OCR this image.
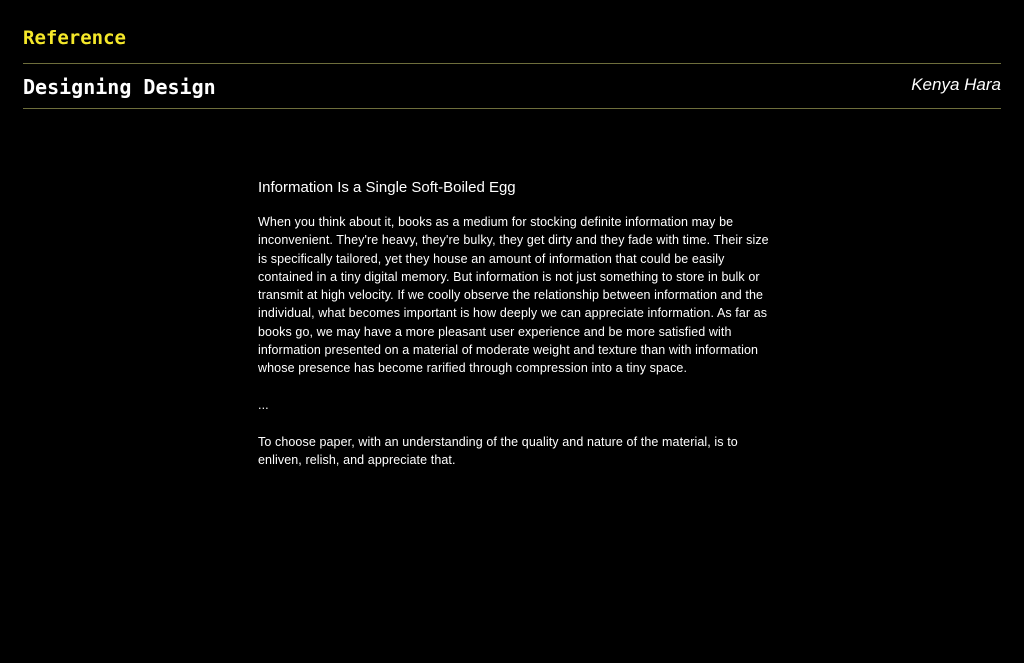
Reference
Designing Design	Kenya Hara
Information Is a Single Soft-Boiled Egg

When you think about it, books as a medium for stocking definite information may be inconvenient. They're heavy, they're bulky, they get dirty and they fade with time. Their size is specifically tailored, yet they house an amount of information that could be easily contained in a tiny digital memory. But information is not just something to store in bulk or transmit at high velocity. If we coolly observe the relationship between information and the individual, what becomes important is how deeply we can appreciate information. As far as books go, we may have a more pleasant user experience and be more satisfied with information presented on a material of moderate weight and texture than with information whose presence has become rarified through compression into a tiny space.

...

To choose paper, with an understanding of the quality and nature of the material, is to enliven, relish, and appreciate that.
